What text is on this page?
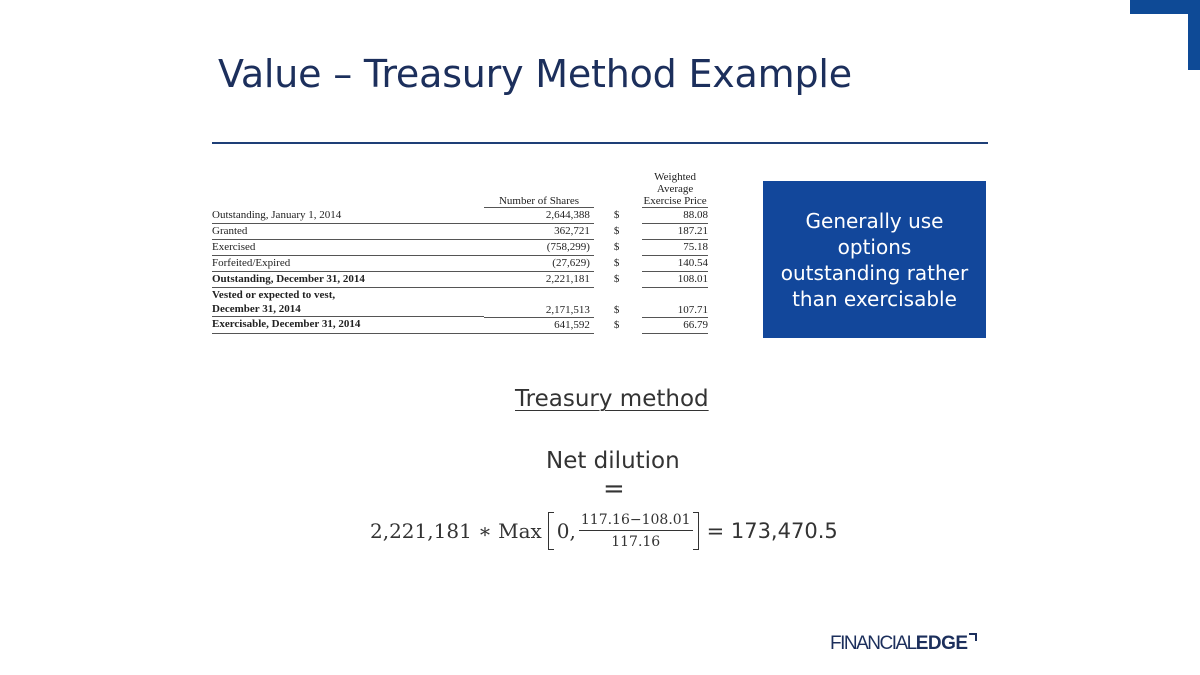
Value – Treasury Method Example
	Number of Shares		Weighted Average Exercise Price
Outstanding, January 1, 2014	2,644,388	$	88.08
Granted	362,721	$	187.21
Exercised	(758,299)	$	75.18
Forfeited/Expired	(27,629)	$	140.54
Outstanding, December 31, 2014	2,221,181	$	108.01

Vested or expected to vest,
December 31, 2014	2,171,513	$	107.71
Exercisable, December 31, 2014	641,592	$	66.79
Generally use options outstanding rather than exercisable
Treasury method
Net dilution
=
2,221,181 ∗ Max 0, $\frac{117.16-108.01}{117.16} = 173,470.5$
FINANCIAL EDGE
